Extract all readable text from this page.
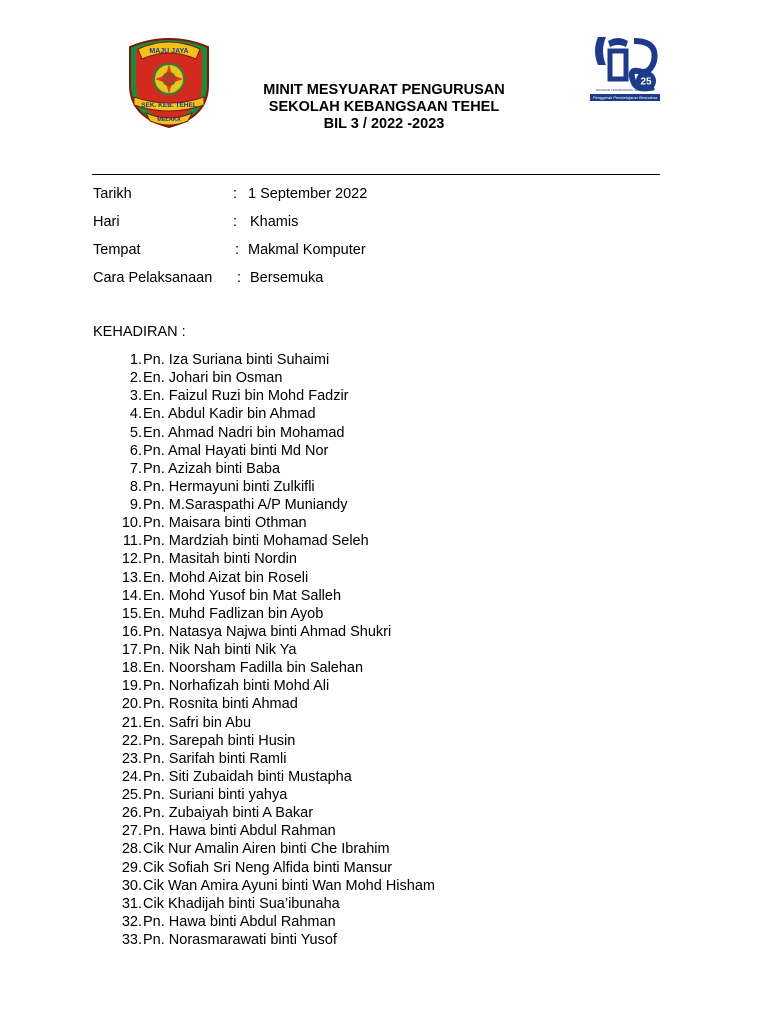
MAJU JAYA
SEK. KEB. TEHEL
MELAKA
25
PROGRAM TRANSFORMASI SEKOLAH 2025
Penggerak Pembelajaran Bermakna
MINIT MESYUARAT PENGURUSAN
SEKOLAH KEBANGSAAN TEHEL
BIL 3 / 2022 -2023
Tarikh	: 1 September 2022
Hari	: Khamis
Tempat	: Makmal Komputer
Cara Pelaksanaan : Bersemuka
KEHADIRAN :
1. Pn. Iza Suriana binti Suhaimi
2. En. Johari bin Osman
3. En. Faizul Ruzi bin Mohd Fadzir
4. En. Abdul Kadir bin Ahmad
5. En. Ahmad Nadri bin Mohamad
6. Pn. Amal Hayati binti Md Nor
7. Pn. Azizah binti Baba
8. Pn. Hermayuni binti Zulkifli
9. Pn. M.Saraspathi A/P Muniandy
10. Pn. Maisara binti Othman
11. Pn. Mardziah binti Mohamad Seleh
12. Pn. Masitah binti Nordin
13. En. Mohd Aizat bin Roseli
14. En. Mohd Yusof bin Mat Salleh
15. En. Muhd Fadlizan bin Ayob
16. Pn. Natasya Najwa binti Ahmad Shukri
17. Pn. Nik Nah binti Nik Ya
18. En. Noorsham Fadilla bin Salehan
19. Pn. Norhafizah binti Mohd Ali
20. Pn. Rosnita binti Ahmad
21. En. Safri bin Abu
22. Pn. Sarepah binti Husin
23. Pn. Sarifah binti Ramli
24. Pn. Siti Zubaidah binti Mustapha
25. Pn. Suriani binti yahya
26. Pn. Zubaiyah binti A Bakar
27. Pn. Hawa binti Abdul Rahman
28. Cik Nur Amalin Airen binti Che Ibrahim
29. Cik Sofiah Sri Neng Alfida binti Mansur
30. Cik Wan Amira Ayuni binti Wan Mohd Hisham
31. Cik Khadijah binti Sua’ibunaha
32. Pn. Hawa binti Abdul Rahman
33. Pn. Norasmarawati binti Yusof
